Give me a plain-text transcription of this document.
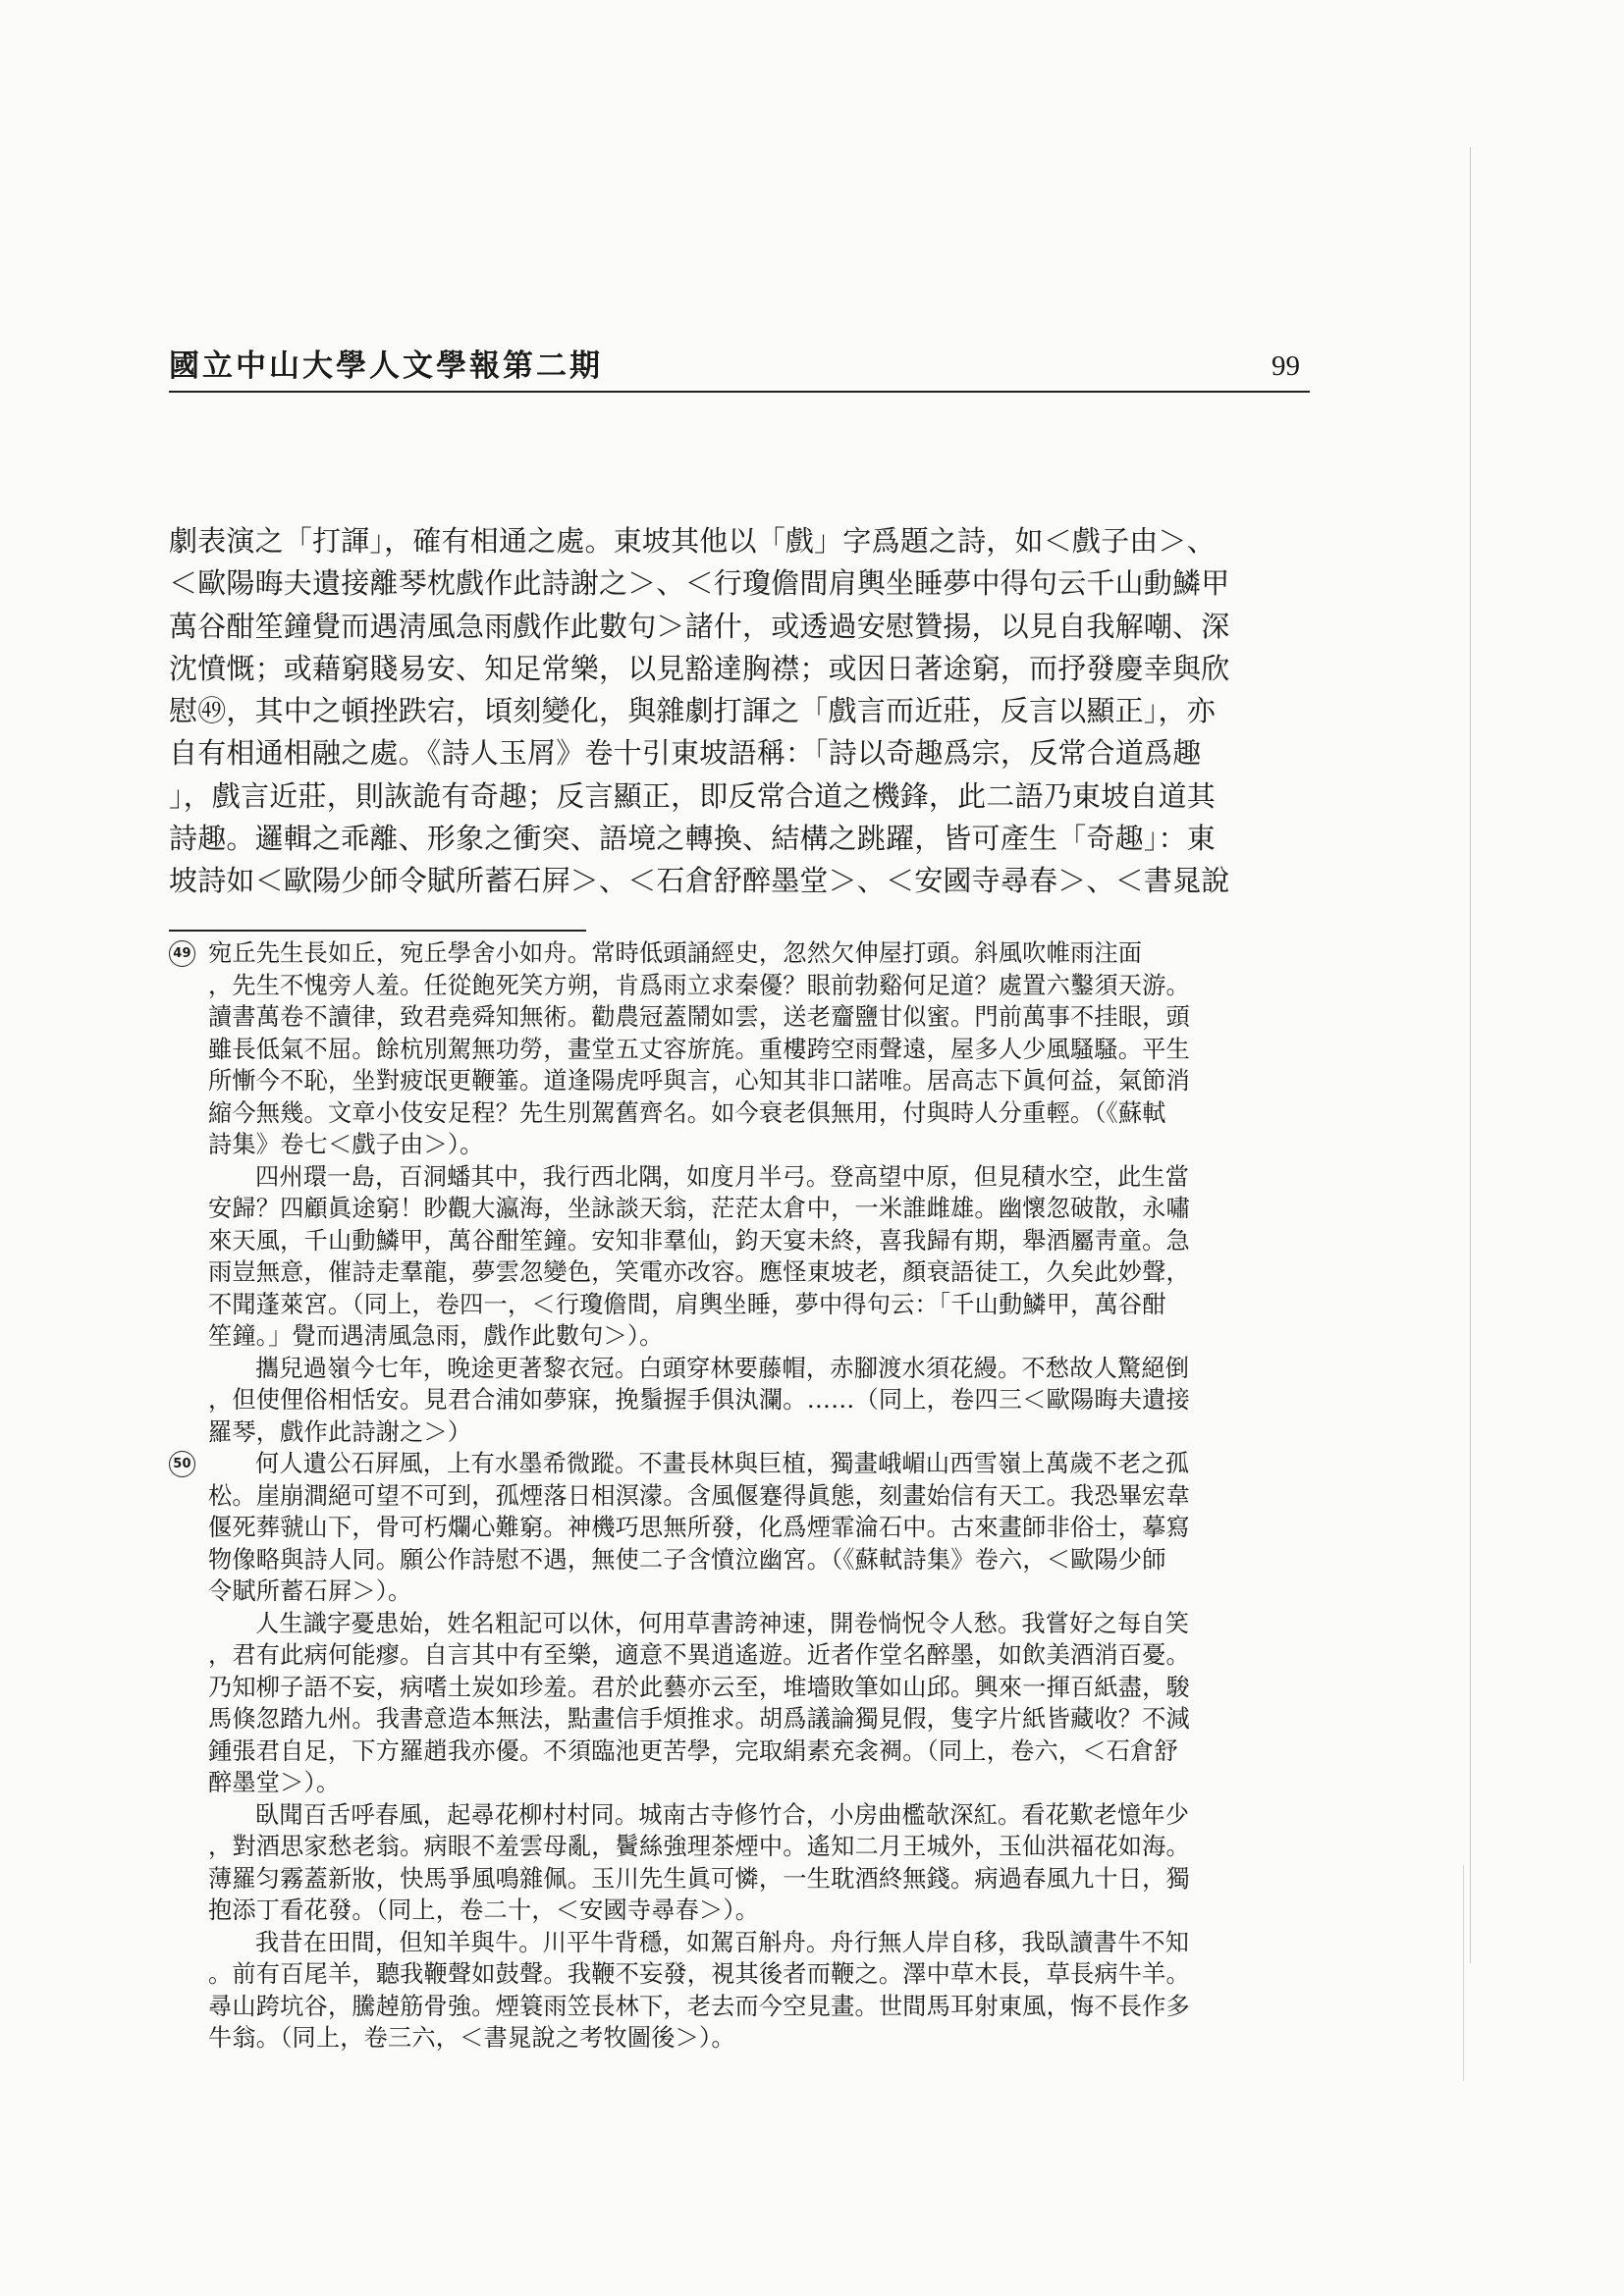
國立中山大學人文學報第二期	99
劇表演之「打諢」，確有相通之處。東坡其他以「戲」字爲題之詩，如＜戲子由＞、
＜歐陽晦夫遺接離琴枕戲作此詩謝之＞、＜行瓊儋間肩輿坐睡夢中得句云千山動鱗甲
萬谷酣笙鐘覺而遇淸風急雨戲作此數句＞諸什，或透過安慰贊揚，以見自我解嘲、深
沈憤慨；或藉窮賤易安、知足常樂，以見豁達胸襟；或因日著途窮，而抒發慶幸與欣
慰㊾，其中之頓挫跌宕，頃刻變化，與雜劇打諢之「戲言而近莊，反言以顯正」，亦
自有相通相融之處。《詩人玉屑》卷十引東坡語稱：「詩以奇趣爲宗，反常合道爲趣
」，戲言近莊，則詼詭有奇趣；反言顯正，即反常合道之機鋒，此二語乃東坡自道其
詩趣。邏輯之乖離、形象之衝突、語境之轉換、結構之跳躍，皆可產生「奇趣」：東
坡詩如＜歐陽少師令賦所蓄石屛＞、＜石倉舒醉墨堂＞、＜安國寺尋春＞、＜書晁說
49 宛丘先生長如丘，宛丘學舍小如舟。常時低頭誦經史，忽然欠伸屋打頭。斜風吹帷雨注面
，先生不愧旁人羞。任從飽死笑方朔，肯爲雨立求秦優？眼前勃谿何足道？處置六鑿須天游。
讀書萬卷不讀律，致君堯舜知無術。勸農冠蓋鬧如雲，送老齏鹽甘似蜜。門前萬事不挂眼，頭
雖長低氣不屈。餘杭別駕無功勞，畫堂五丈容旂旄。重樓跨空雨聲遠，屋多人少風騷騷。平生
所慚今不恥，坐對疲氓更鞭箠。道逢陽虎呼與言，心知其非口諾唯。居高志下眞何益，氣節消
縮今無幾。文章小伎安足程？先生別駕舊齊名。如今衰老俱無用，付與時人分重輕。（《蘇軾
詩集》卷七＜戲子由＞）。
四州環一島，百洞蟠其中，我行西北隅，如度月半弓。登高望中原，但見積水空，此生當
安歸？四顧眞途窮！眇觀大瀛海，坐詠談天翁，茫茫太倉中，一米誰雌雄。幽懷忽破散，永嘯
來天風，千山動鱗甲，萬谷酣笙鐘。安知非羣仙，鈞天宴未終，喜我歸有期，舉酒屬靑童。急
雨豈無意，催詩走羣龍，夢雲忽變色，笑電亦改容。應怪東坡老，顏衰語徒工，久矣此妙聲，
不聞蓬萊宮。（同上，卷四一，＜行瓊儋間，肩輿坐睡，夢中得句云：「千山動鱗甲，萬谷酣
笙鐘。」覺而遇淸風急雨，戲作此數句＞）。
攜兒過嶺今七年，晚途更著黎衣冠。白頭穿林要藤帽，赤腳渡水須花縵。不愁故人驚絕倒
，但使俚俗相恬安。見君合浦如夢寐，挽鬚握手俱汍瀾。……（同上，卷四三＜歐陽晦夫遺接
羅琴，戲作此詩謝之＞）
50	何人遺公石屛風，上有水墨希微蹤。不畫長林與巨植，獨畫峨嵋山西雪嶺上萬歲不老之孤
松。崖崩澗絕可望不可到，孤煙落日相溟濛。含風偃蹇得眞態，刻畫始信有天工。我恐畢宏韋
偃死葬虢山下，骨可朽爛心難窮。神機巧思無所發，化爲煙霏淪石中。古來畫師非俗士，摹寫
物像略與詩人同。願公作詩慰不遇，無使二子含憤泣幽宮。（《蘇軾詩集》卷六，＜歐陽少師
令賦所蓄石屛＞）。
人生識字憂患始，姓名粗記可以休，何用草書誇神速，開卷惝怳令人愁。我嘗好之每自笑
，君有此病何能瘳。自言其中有至樂，適意不異逍遙遊。近者作堂名醉墨，如飲美酒消百憂。
乃知柳子語不妄，病嗜土炭如珍羞。君於此藝亦云至，堆墻敗筆如山邱。興來一揮百紙盡，駿
馬倏忽踏九州。我書意造本無法，點畫信手煩推求。胡爲議論獨見假，隻字片紙皆藏收？不減
鍾張君自足，下方羅趙我亦優。不須臨池更苦學，完取絹素充衾裯。（同上，卷六，＜石倉舒
醉墨堂＞）。
臥聞百舌呼春風，起尋花柳村村同。城南古寺修竹合，小房曲檻欹深紅。看花歎老憶年少
，對酒思家愁老翁。病眼不羞雲母亂，鬢絲強理茶煙中。遙知二月王城外，玉仙洪福花如海。
薄羅匀霧蓋新妝，快馬爭風鳴雜佩。玉川先生眞可憐，一生耽酒終無錢。病過春風九十日，獨
抱添丁看花發。（同上，卷二十，＜安國寺尋春＞）。
我昔在田間，但知羊與牛。川平牛背穩，如駕百斛舟。舟行無人岸自移，我臥讀書牛不知
。前有百尾羊，聽我鞭聲如鼓聲。我鞭不妄發，視其後者而鞭之。澤中草木長，草長病牛羊。
尋山跨坑谷，騰趠筋骨強。煙簑雨笠長林下，老去而今空見畫。世間馬耳射東風，悔不長作多
牛翁。（同上，卷三六，＜書晁說之考牧圖後＞）。
